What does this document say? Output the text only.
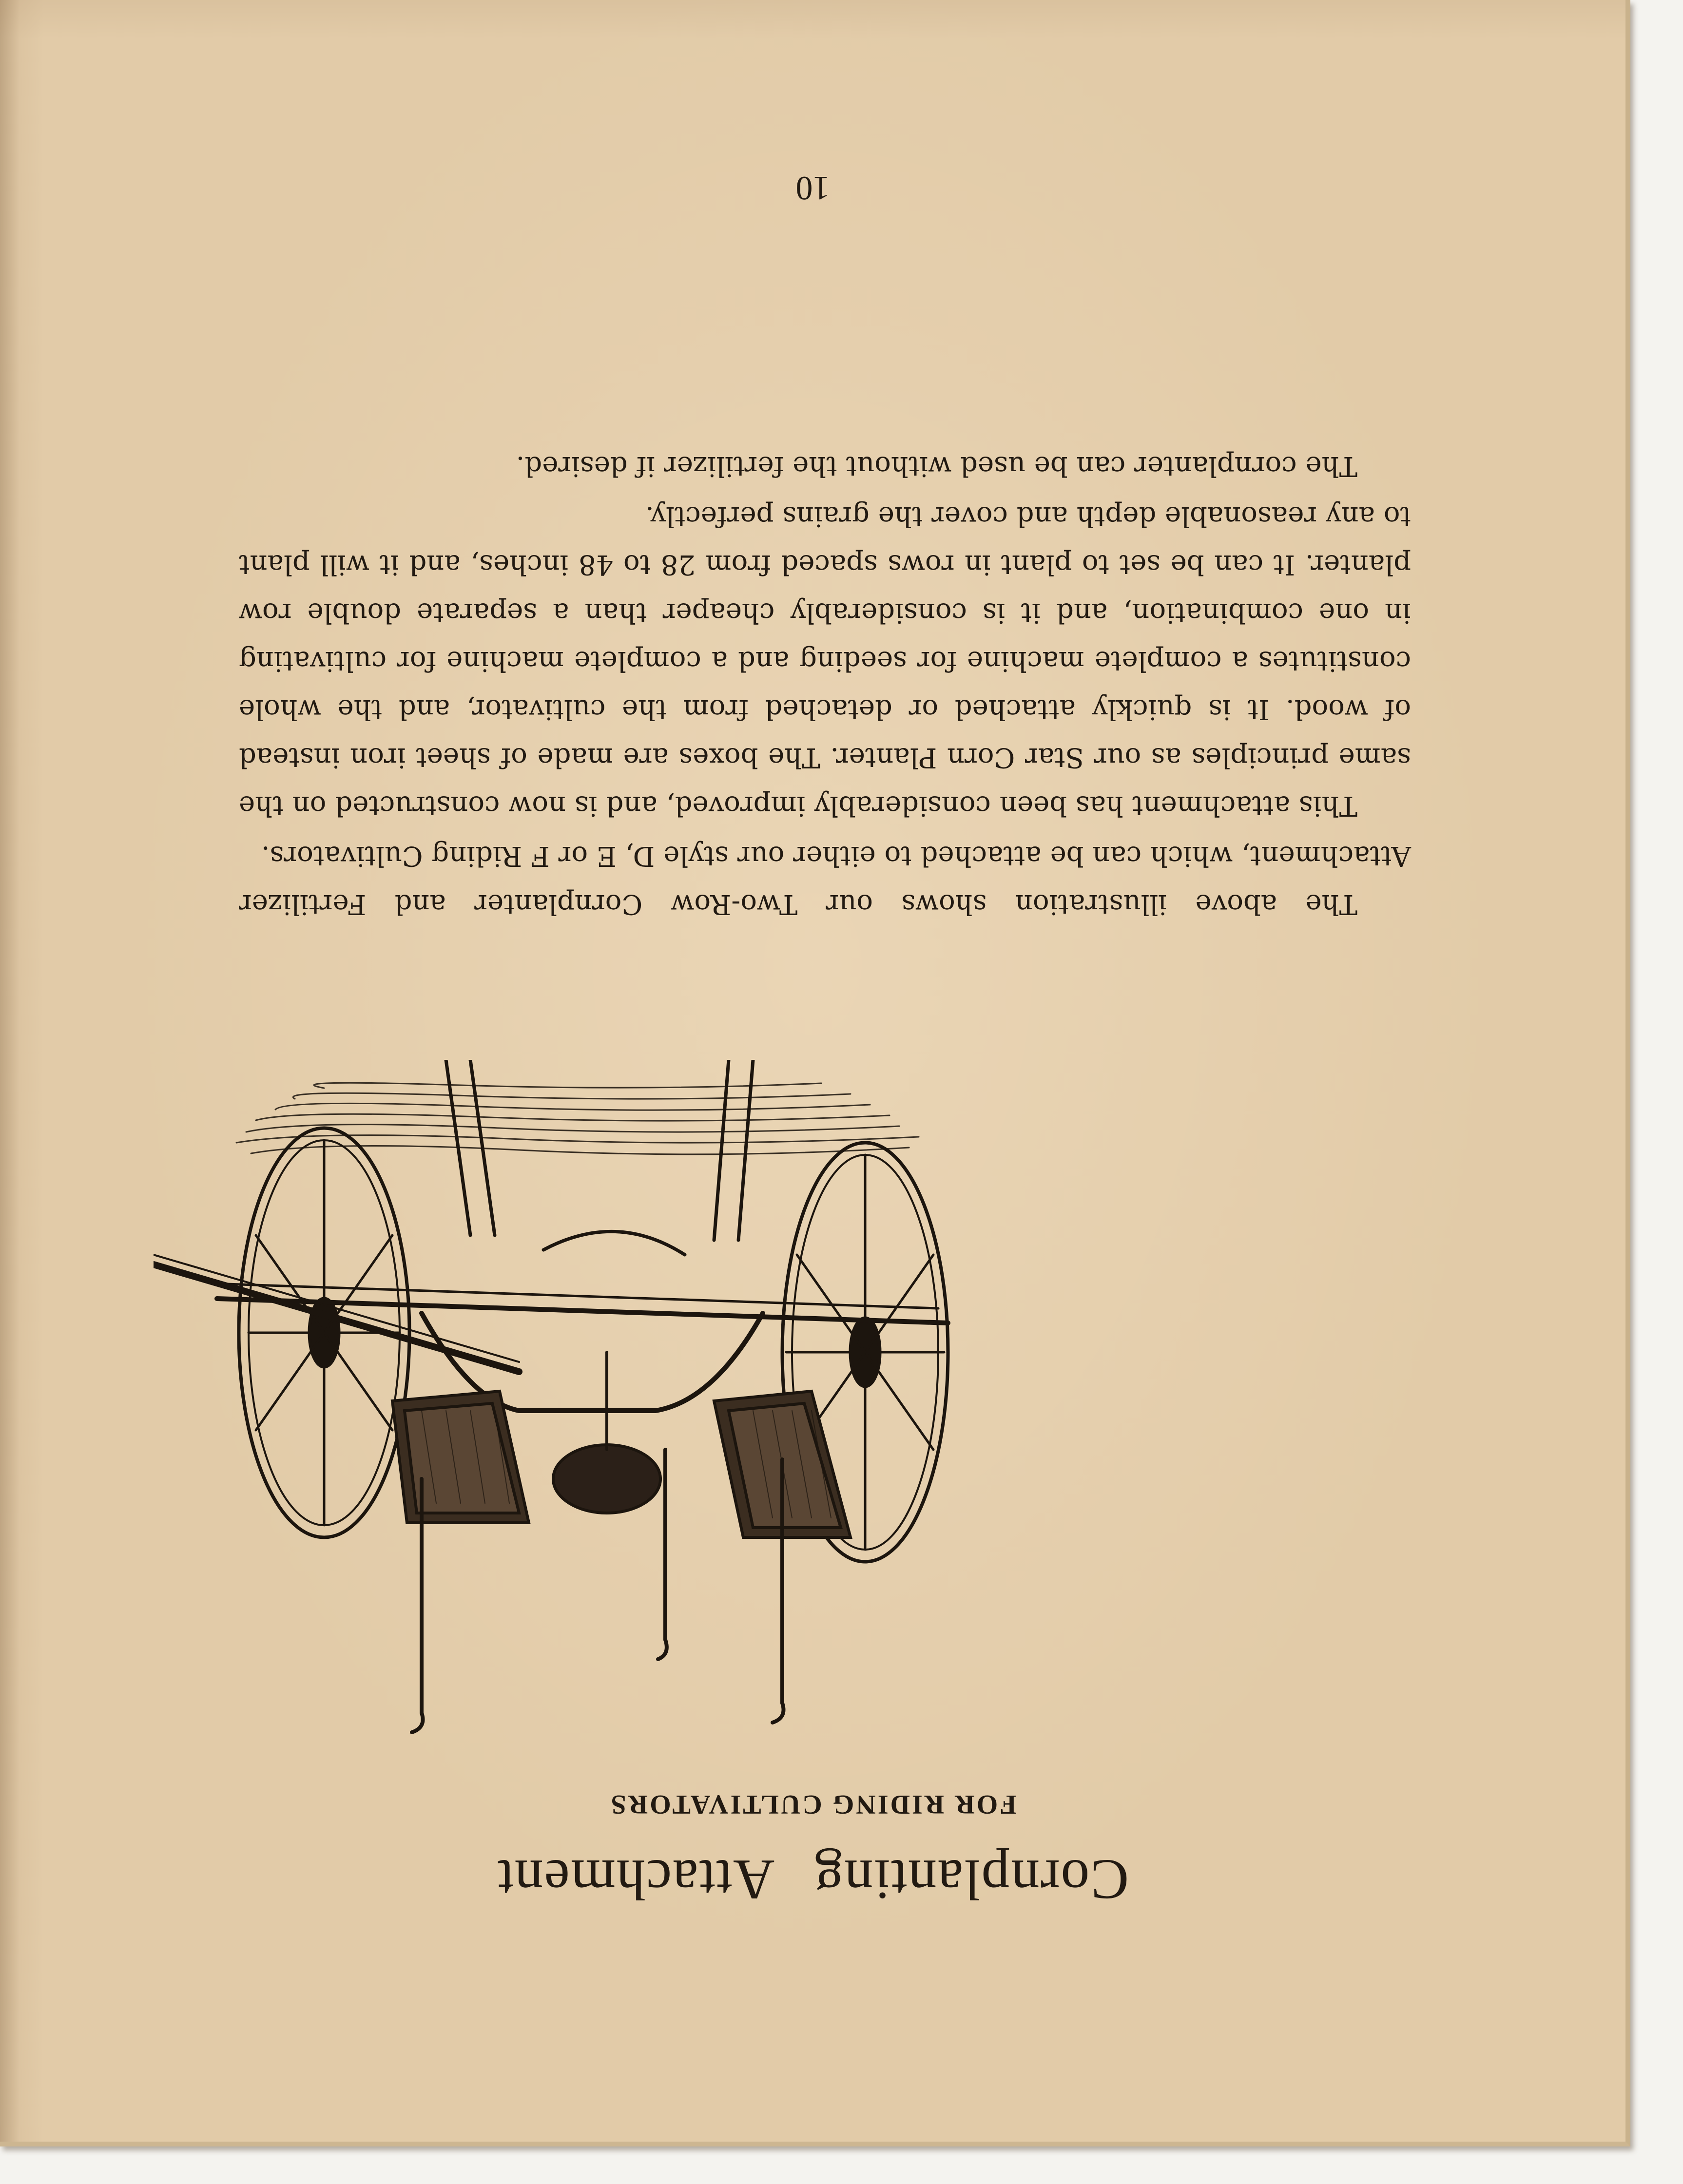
Cornplanting Attachment
FOR RIDING CULTIVATORS

The above illustration shows our Two-Row Cornplanter and Fertilizer Attachment, which can be attached to either our style D, E or F Riding Cultivators.

This attachment has been considerably improved, and is now constructed on the same principles as our Star Corn Planter. The boxes are made of sheet iron instead of wood. It is quickly attached or detached from the cultivator, and the whole constitutes a complete machine for seeding and a complete machine for cultivating in one combination, and it is considerably cheaper than a separate double row planter. It can be set to plant in rows spaced from 28 to 48 inches, and it will plant to any reasonable depth and cover the grains perfectly.

The cornplanter can be used without the fertilizer if desired.

10
